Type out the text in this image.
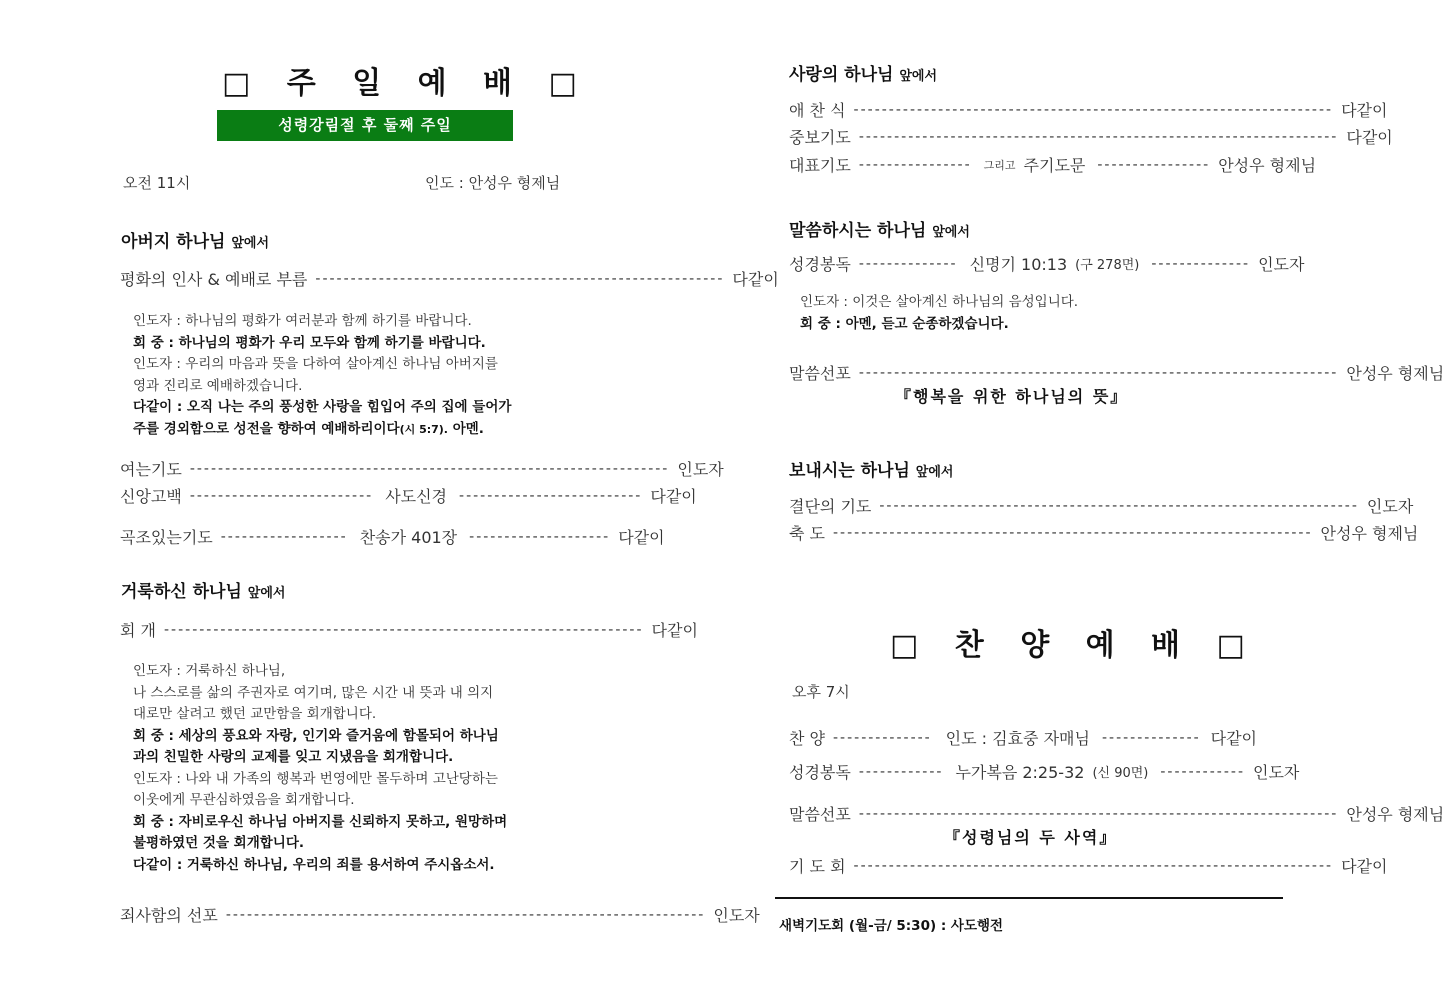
□ 주 일 예 배 □
성령강림절 후 둘째 주일
오전 11시	인도 : 안성우 형제님
아버지 하나님 앞에서
평화의 인사 & 예배로 부름 ---------------------------------------------------------- 다같이
인도자 : 하나님의 평화가 여러분과 함께 하기를 바랍니다.
회 중 : 하나님의 평화가 우리 모두와 함께 하기를 바랍니다.
인도자 : 우리의 마음과 뜻을 다하여 살아계신 하나님 아버지를
영과 진리로 예배하겠습니다.
다같이 : 오직 나는 주의 풍성한 사랑을 힘입어 주의 집에 들어가
주를 경외함으로 성전을 향하여 예배하리이다(시 5:7). 아멘.
여는기도 -------------------------------------------------------------------- 인도자
신앙고백 -------------------------- 사도신경 -------------------------- 다같이
곡조있는기도 ------------------ 찬송가 401장 -------------------- 다같이
거룩하신 하나님 앞에서
회 개 -------------------------------------------------------------------- 다같이
인도자 : 거룩하신 하나님,
나 스스로를 삶의 주권자로 여기며, 많은 시간 내 뜻과 내 의지
대로만 살려고 했던 교만함을 회개합니다.
회 중 : 세상의 풍요와 자랑, 인기와 즐거움에 함몰되어 하나님
과의 친밀한 사랑의 교제를 잊고 지냈음을 회개합니다.
인도자 : 나와 내 가족의 행복과 번영에만 몰두하며 고난당하는
이웃에게 무관심하였음을 회개합니다.
회 중 : 자비로우신 하나님 아버지를 신뢰하지 못하고, 원망하며
불평하였던 것을 회개합니다.
다같이 : 거룩하신 하나님, 우리의 죄를 용서하여 주시옵소서.
죄사함의 선포 -------------------------------------------------------------------- 인도자
사랑의 하나님 앞에서
애 찬 식 -------------------------------------------------------------------- 다같이
중보기도 -------------------------------------------------------------------- 다같이
대표기도 ---------------- 그리고 주기도문 ---------------- 안성우 형제님
말씀하시는 하나님 앞에서
성경봉독 -------------- 신명기 10:13 (구 278면) -------------- 인도자
인도자 : 이것은 살아계신 하나님의 음성입니다.
회 중 : 아멘, 듣고 순종하겠습니다.
말씀선포 -------------------------------------------------------------------- 안성우 형제님
『행복을 위한 하나님의 뜻』
보내시는 하나님 앞에서
결단의 기도 -------------------------------------------------------------------- 인도자
축 도 -------------------------------------------------------------------- 안성우 형제님
□ 찬 양 예 배 □
오후 7시
찬 양 -------------- 인도 : 김효중 자매님 -------------- 다같이
성경봉독 ------------ 누가복음 2:25-32 (신 90면) ------------ 인도자
말씀선포 -------------------------------------------------------------------- 안성우 형제님
『성령님의 두 사역』
기 도 회 -------------------------------------------------------------------- 다같이
새벽기도회 (월-금/ 5:30) : 사도행전
